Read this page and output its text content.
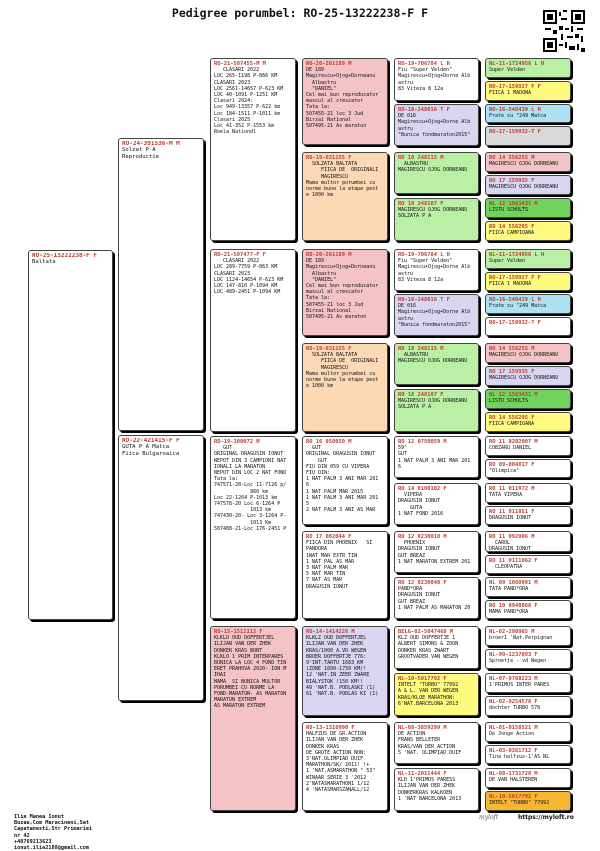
Pedigree porumbel: RO-25-13222238-F F
RO-25-13222238-F F
Baltata
RO-24-391536-M M
Solzat P A
Reproductie
RO-22-421415-F F
GUTA P A Matca
Fiica Bulgaroaica
RO-21-507455-M M
CLASARI 2022
LOC 265-1198 P-866 KM
CLASARI 2023
LOC 2561-14657 P-623 KM
LOC 40-1091 P-1251 KM
Clasari 2024:
Loc 949-13357 P-622 km
Loc 184-1511 P-1011 km
Clasari 2025
Loc 41-352 P-1553 km
Roela Nationdl
RO-21-507477-F F
CLASARI 2022
LOC 289-7759 P-863 KM
CLASARI 2023
LOC 1124-14654 P-623 KM
LOC 147-810 P-1094 KM
LOC 489-2451 P-1094 KM
RO-19-300072 M
GUT
ORIGINAL DRAGUSIN IONUT
NEPOT DIN 3 CAMPIONI NAT
IONALI LA MARATON
NEPOT DIN LOC 2 NAT FOND
Tata la:
747571-20-Loc 11-7126 p/
860 km
Loc 22-1264 P-1013 km
747578-20 Loc 6-1264 P
1013 km
747430-20- Loc 3-1264 P-
1013 Km
507488-21-Loc 176-2451 P
RO-15-1511112 F
KLKLO OUD DOFFERTJEL
ILIJAN VAN DER ZHEK
DONKER KRAS BONT
KLKLO 1 PRIM INTERPARES
BUNICA LA LOC 4 FOND TIN
ERET PRAHOVA 2020- ION M
IHAI
MAMA  SI BUNICA MULTOR
PORUMBEI CU NORME LA
FOND-MARATON- AS MARATON
MARATON EXTREM
AS MARATON EXTREM
RO-20-261189 M
DE 189
Magirescu+Ojog+Dorneanu
Albastru
"DANIEL"
Cel mai bun reproducator
mascul al crescator
Tata la:
507455-21 loc 3 Jud
Birzai National
507495-21 As maraton
RO-19-031155 F
SOLZATA BALTATA
FIICA DE  ORIGINALI
MAGIRESCU
Mama multor porumbei cu
norme bune la etape pest
e 1000 km
RO-20-261189 M
DE 189
Magirescu+Ojog+Dorneanu
Albastru
"DANIEL"
Cel mai bun reproducator
mascul al crescator
Tata la:
507455-21 loc 3 Jud
Birzai National
507495-21 As maraton
RO-19-031155 F
SOLZATA BALTATA
FIICA DE  ORIGINALI
MAGIRESCU
Mama multor porumbei cu
norme bune la etape pest
e 1000 km
RO 16 950050 M
GUT
ORIGINAL DRAGUSIN IONUT
GUT
FIU DIN 059 CU VIPERA
FIU DIN:
1 NAT PALM 3 ANI MAR 201
6
1 NAT PALM MAR 2015
1 NAT PALM 3 ANI MAR 201
5
2 NAT PALM 3 ANI AS MAR
RO 17 002044 F
FIICA DIN PHOENIX   SI
PANDORA
1NAT MAR EXTR TIN
1 NAT PAL AS MAR
3 NAT PALM MAR
5 NAT MAR TIN
7 NAT AS MAR
DRAGUSIN IONUT
RO-14-1414226 M
KLKLZ OUD DOFFERTJEL
ILIJAN VAN DER ZHEK
KRAS/1000 A.VD WEGEN
BROER DOFFERTJE 776:
9'INT.TARTU 1683 KM
(ZONE 1600-1750 KM)!
12 'NAT.IN ZEER ZWARE
BIALYSTOK !150 KM!!
49 'NAT.B. PODLASKI (1)
61 'NAT.B. PODLAS KI (1)
RO-13-1310990 F
HALFZUS DE GR.ACTION
ILIJAN VAN DER ZHEK
DONKER KRAS
DE GROTE ACTION NON:
3'NAT.OLIMPIAD DUIF
MARATHON/SK/ 2011! !+
1 'NAT.ASMARATHON " 53"
WINAAR SERIE 3 '2012
2'NATASMARATHON1 1/12
4 'NATASMARSZANALL/12
RO-19-706784 L H
Fiu "Super Velden"
Magirescu+Ojog+Dorne Alb
astru
83 Viteza 8 12a
RO-18-248016 T F
DE 016
Magirescu+Ojog+Dorne Alb
astru
"Bunica fondmaraton2015"
RO 18 248115 M
ALBASTRU
MAGIRESCU OJOG DORNEANU
RO 18 248107 F
MAGIRESCU OJOG DORNEANU
SOLZATA P A
RO-19-706784 L H
Fiu "Super Velden"
Magirescu+Ojog+Dorne Alb
astru
83 Viteza 8 12a
RO-18-248016 T F
DE 016
Magirescu+Ojog+Dorne Alb
astru
"Bunica fondmaraton2015"
RO 18 248115 M
ALBASTRU
MAGIRESCU OJOG DORNEANU
RO 18 248107 F
MAGIRESCU OJOG DORNEANU
SOLZATA P A
RO 12 0750059 M
59"
GUT
1 NAT PALM 3 ANI MAR 201
6
RO 14 0100102 F
VIPERA
DRAGUSIN IONUT
GUTA
1 NAT FOND 2016
RO 12 0230018 M
PHOENIX
DRAGUSIN IONUT
GUT BREAZ
1 NAT MARATON EXTREM 201
RO 12 0230040 F
PAND*ORA
DRAGUSIN IONUT
GUT BREAZ
1 NAT PALM AS MARATON 20
BELG-02-5047468 M
KLZ OUD DOFFERTJE 1
ALBERT SIMONS & ZOON
DONKER KRAS ZWART
GROOTVADER VAN WEGEN
NL-10-5017792 F
INTELT "TURBO" 77992
A & L. VAN DER WEGEN
KRAS/KLOE MARATHON:
6'NAT.BARCELONA 2013
NL-08-3859299 M
DE ACTION
FRANS BELLETER
KRAS/VAN DER ACTION
5 'NAT. OLIMPIAD DUIF
NL-11-2011444 F
KLD 1'PRIMUS PARESS
ILIJAN VAN DER ZHEK
DONKERKRAS KALKOEN
1 'NAT BARCELONA 2013
NL-11-1724956 L H
Super Velden
RO-17-159927 F F
FIICA 1 MADONA
RO-16-540439 L H
Frate cu "249 Matca
RO-17-159932-T F
RO 14 556255 M
MAGIRESCU OJOG DORNEANU
RO 17 159935 F
MAGIRESCU OJOG DORNEANU
NL 12 1563431 M
LISTU SCHULTS
RO 14 556295 F
FIICA CAMPIOANA
NL-11-1724956 L H
Super Velden
RO-17-159927 F F
FIICA 1 MADONA
RO-16-540439 L H
Frate cu "249 Matca
RO-17-159932-T F
RO 14 556255 M
MAGIRESCU OJOG DORNEANU
RO 17 159935 F
MAGIRESCU OJOG DORNEANU
NL 12 1563431 M
LISTU SCHULTS
RO 14 556295 F
FIICA CAMPIOANA
RO 11 0202007 M
COBZARU DANIEL
RO 09-004817 F
"Olimpica"
RO 11 011072 M
TATA VIPERA
RO 11 011051 F
DRAGUSIN IONUT
RO 11 092906 M
CAROL
DRAGUSIN IONUT
RO 11 0111062 F
CLEOPATRA
NL 09 1060991 M
TATA PAND*ORA
RO 10 0940068 F
MAMA PAND*ORA
NL-82-290965 M
broer1 'Nat.Perpignan
NL-99-1237893 F
Sproetje - vd Wegen
NL-97-9768223 M
1'PRIMUS INTER PARES
NL-02-0254578 F
dochter TURBO 578
NL-01-0158521 M
De Jonge Action
NL-03-0361712 F
Tina halfzus-1'AS NL
NL-08-1731728 M
DE VAN HALSTEREN
NL-10-5017792 F
INTELT "TURBO" 77992
Ilie Manea Ionut
Buzau,Com Maracineni,Sat
Capatanesti,Str Primariei
nr 42
+40769213623
ionut.ilie2188@gmail.com
myloft	https://myloft.ro
